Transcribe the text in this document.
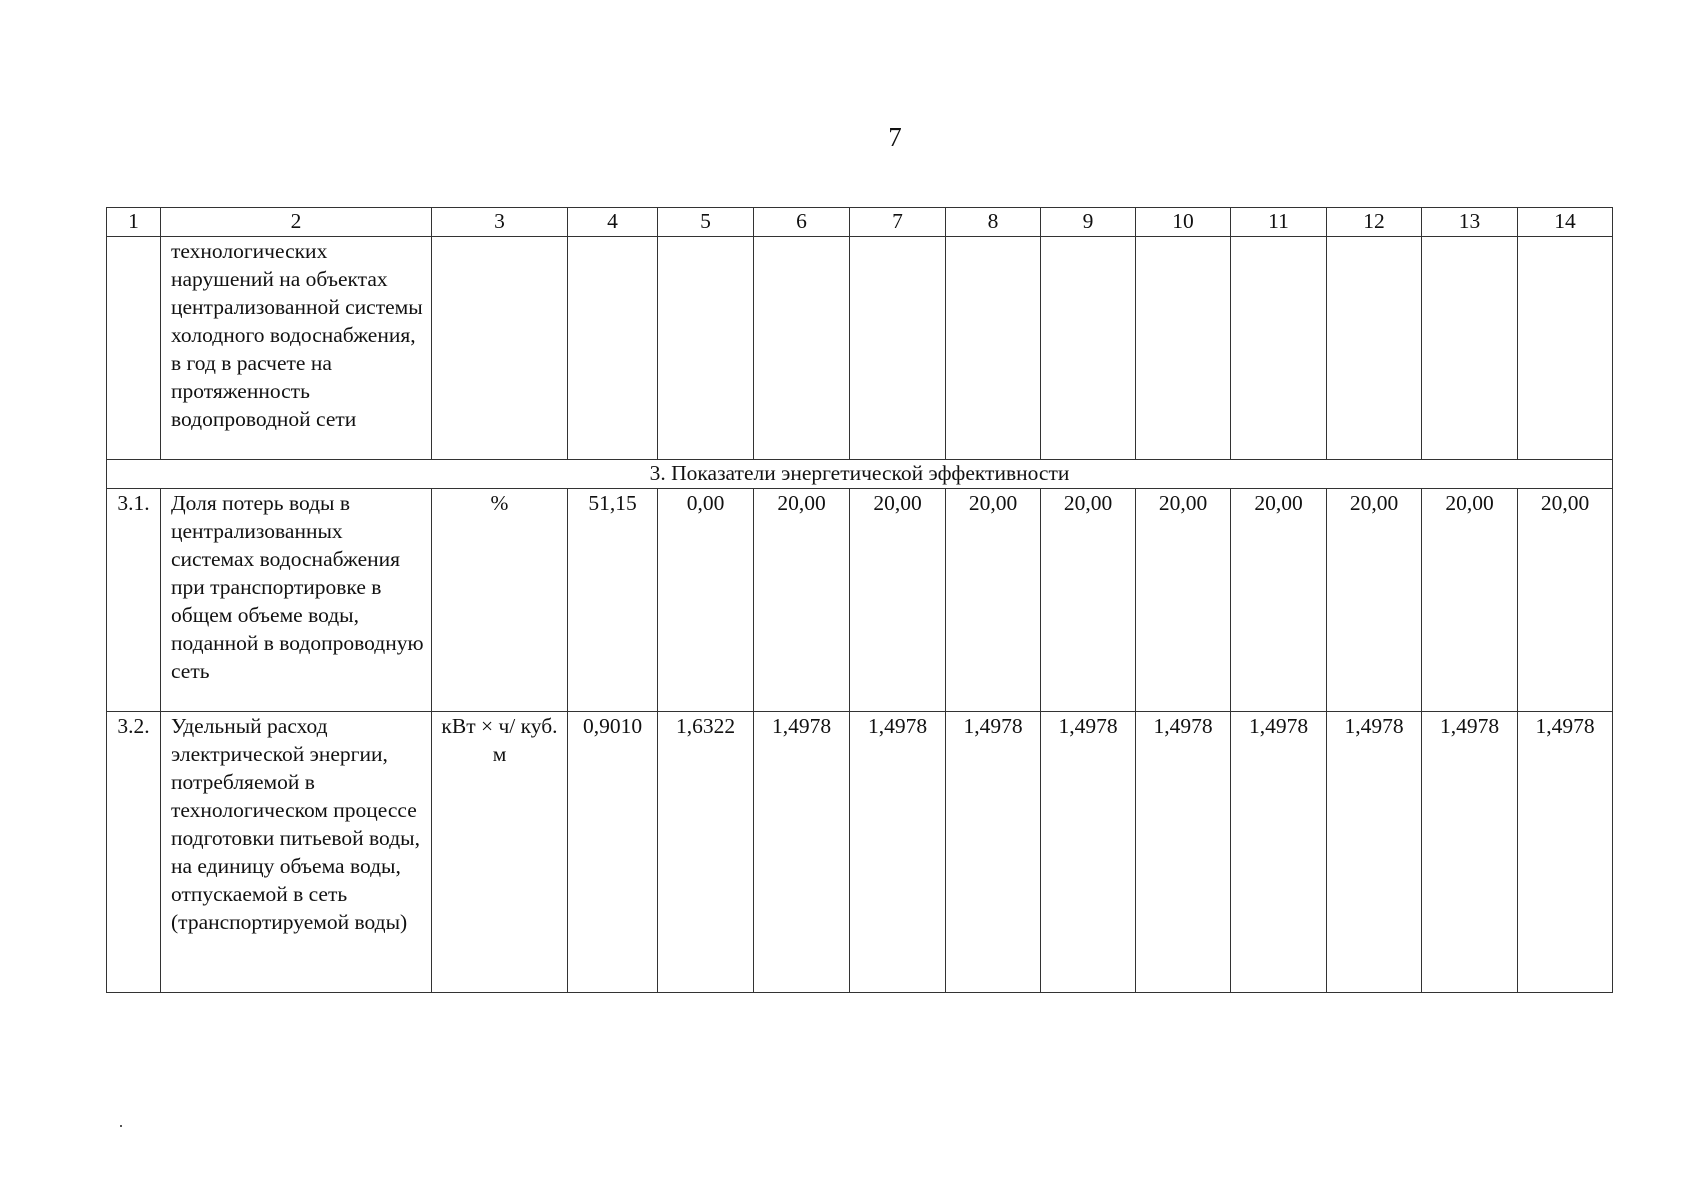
7
1	2	3	4	5	6	7	8	9	10	11	12	13	14
	технологических нарушений на объектах централизованной системы холодного водоснабжения, в год в расчете на протяженность водопроводной сети												
3. Показатели энергетической эффективности													
3.1.	Доля потерь воды в централизованных системах водоснабжения при транспортировке в общем объеме воды, поданной в водопроводную сеть	%	51,15	0,00	20,00	20,00	20,00	20,00	20,00	20,00	20,00	20,00	20,00
3.2.	Удельный расход электрической энергии, потребляемой в технологическом процессе подготовки питьевой воды, на единицу объема воды, отпускаемой в сеть (транспортируемой воды)	кВт × ч/ куб. м	0,9010	1,6322	1,4978	1,4978	1,4978	1,4978	1,4978	1,4978	1,4978	1,4978	1,4978
